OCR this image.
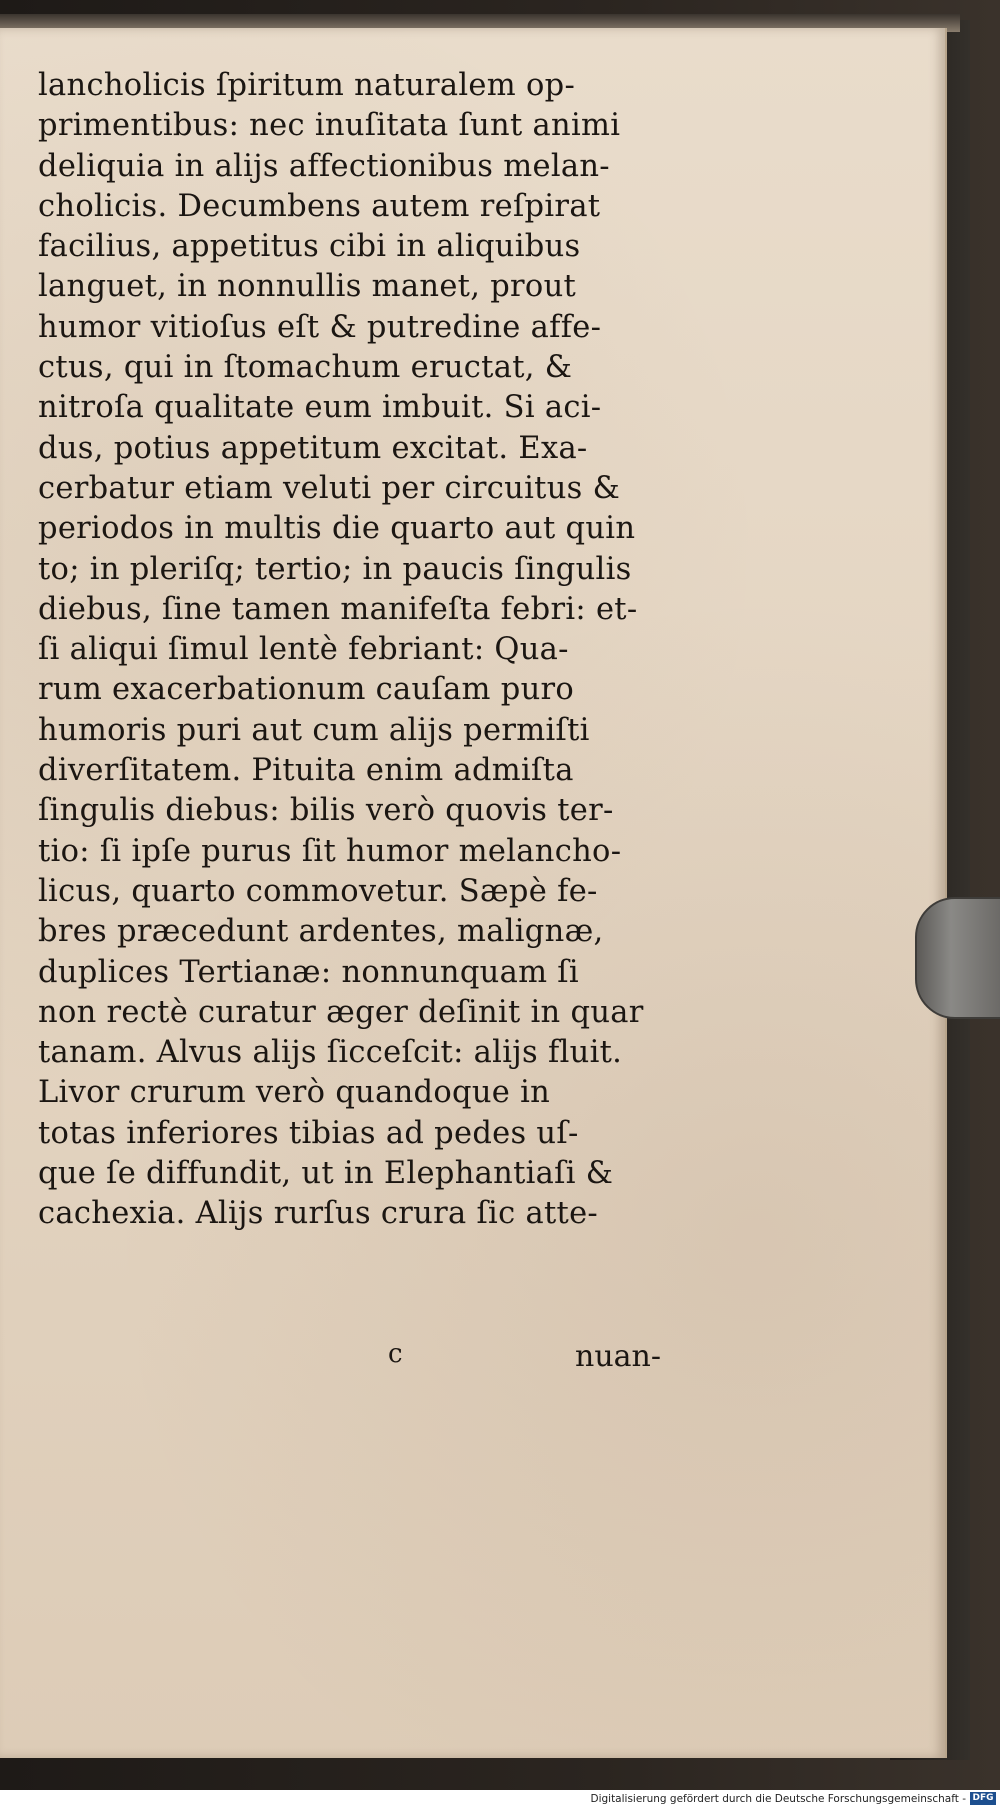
lancholicis ſpiritum naturalem op-
primentibus: nec inuſitata ſunt animi
deliquia in alijs affectionibus melan-
cholicis. Decumbens autem reſpirat
facilius, appetitus cibi in aliquibus
languet, in nonnullis manet, prout
humor vitioſus eſt & putredine affe-
ctus, qui in ſtomachum eructat, &
nitroſa qualitate eum imbuit. Si aci-
dus, potius appetitum excitat. Exa-
cerbatur etiam veluti per circuitus &
periodos in multis die quarto aut quin
to; in pleriſq; tertio; in paucis ſingulis
diebus, ſine tamen manifeſta febri: et-
ſi aliqui ſimul lentè febriant: Qua-
rum exacerbationum cauſam puro
humoris puri aut cum alijs permiſti
diverſitatem. Pituita enim admiſta
ſingulis diebus: bilis verò quovis ter-
tio: ſi ipſe purus ſit humor melancho-
licus, quarto commovetur. Sæpè fe-
bres præcedunt ardentes, malignæ,
duplices Tertianæ: nonnunquam ſi
non rectè curatur æger deſinit in quar
tanam. Alvus alijs ſicceſcit: alijs fluit.
Livor crurum verò quandoque in
totas inferiores tibias ad pedes uſ-
que ſe diffundit, ut in Elephantiaſi &
cachexia. Alijs rurſus crura ſic atte-
c	nuan-
Digitalisierung gefördert durch die Deutsche Forschungsgemeinschaft - DFG
